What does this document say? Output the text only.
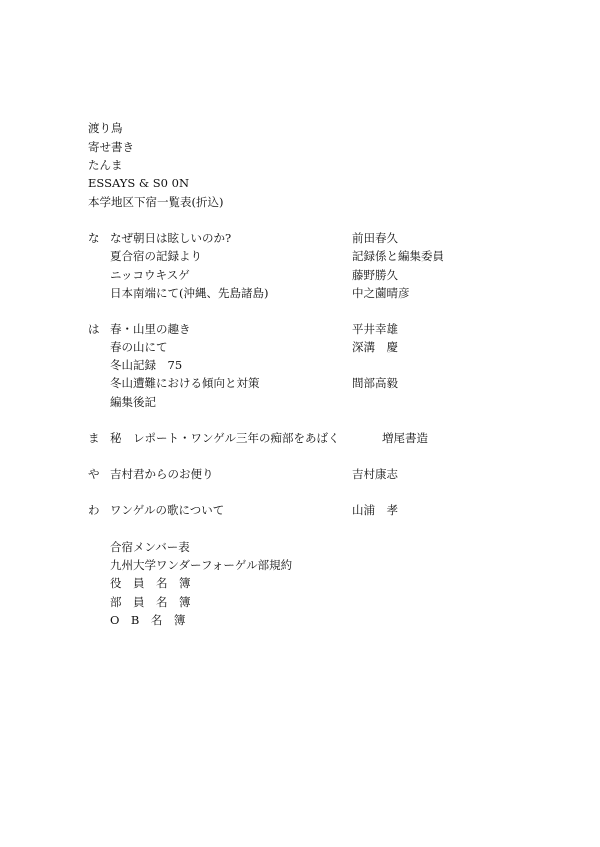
渡り鳥
寄せ書き
たんま
ESSAYS & S0 0N
本学地区下宿一覧表(折込)
な なぜ朝日は眩しいのか?	前田春久
夏合宿の記録より	記録係と編集委員
ニッコウキスゲ	藤野勝久
日本南端にて(沖縄、先島諸島)	中之薗晴彦
は 春・山里の趣き	平井幸雄
春の山にて	深溝　慶
冬山記録　75
冬山遭難における傾向と対策	間部高毅
編集後記
ま 秘　レポート・ワンゲル三年の痴部をあばく	増尾書造
や 吉村君からのお便り	吉村康志
わ ワンゲルの歌について	山浦　孝
合宿メンバー表
九州大学ワンダーフォーゲル部規約
役　員　名　簿
部　員　名　簿
O　B　名　簿
